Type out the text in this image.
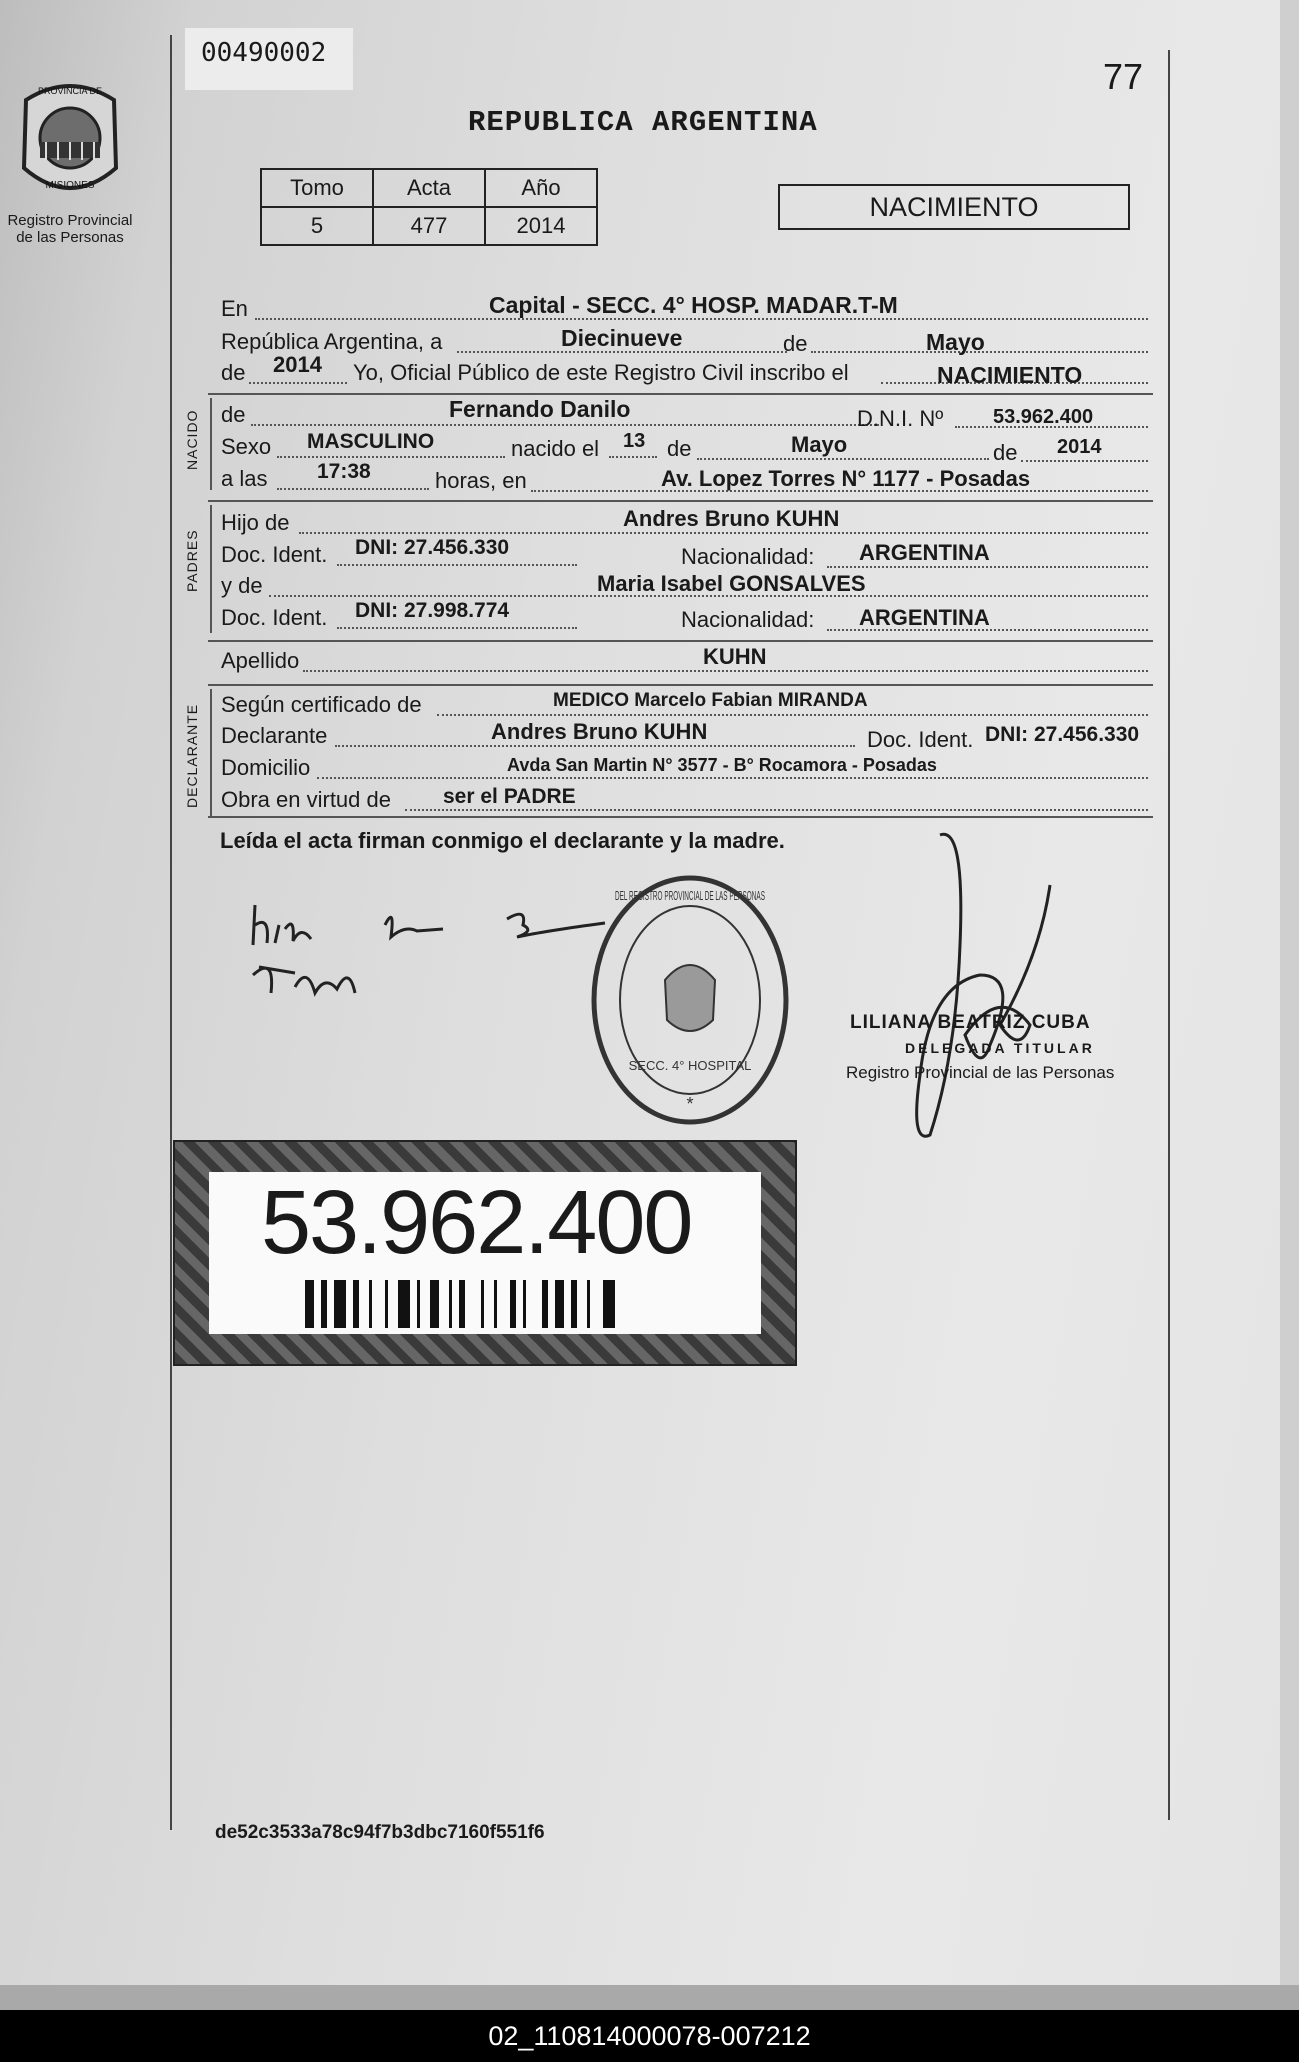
00490002
77
REPUBLICA ARGENTINA
PROVINCIA DE
MISIONES
Registro Provincial
de las Personas
Tomo	Acta	Año
5	477	2014
NACIMIENTO
En	Capital - SECC. 4° HOSP. MADAR.T-M
República Argentina, a	Diecinueve	de	Mayo
de 2014 Yo, Oficial Público de este Registro Civil inscribo el	NACIMIENTO
NACIDO de	Fernando Danilo	D.N.I. Nº 53.962.400
Sexo MASCULINO	nacido el 13 de	Mayo	de 2014
a las 17:38	horas, en	Av. Lopez Torres N° 1177 - Posadas
PADRES
Hijo de	Andres Bruno KUHN
Doc. Ident. DNI: 27.456.330	Nacionalidad: ARGENTINA
y de	Maria Isabel GONSALVES
Doc. Ident. DNI: 27.998.774	Nacionalidad: ARGENTINA
Apellido	KUHN
DECLARANTE Según certificado de	MEDICO Marcelo Fabian MIRANDA
Declarante	Andres Bruno KUHN	Doc. Ident. DNI: 27.456.330
Domicilio	Avda San Martin N° 3577 - B° Rocamora - Posadas
Obra en virtud de ser el PADRE
Leída el acta firman conmigo el declarante y la madre.
DEL REGISTRO PROVINCIAL DE LAS PERSONAS
SECC. 4° HOSPITAL
*
LILIANA BEATRIZ CUBA
DELEGADA TITULAR
Registro Provincial de las Personas
53.962.400
de52c3533a78c94f7b3dbc7160f551f6
02_110814000078-007212
